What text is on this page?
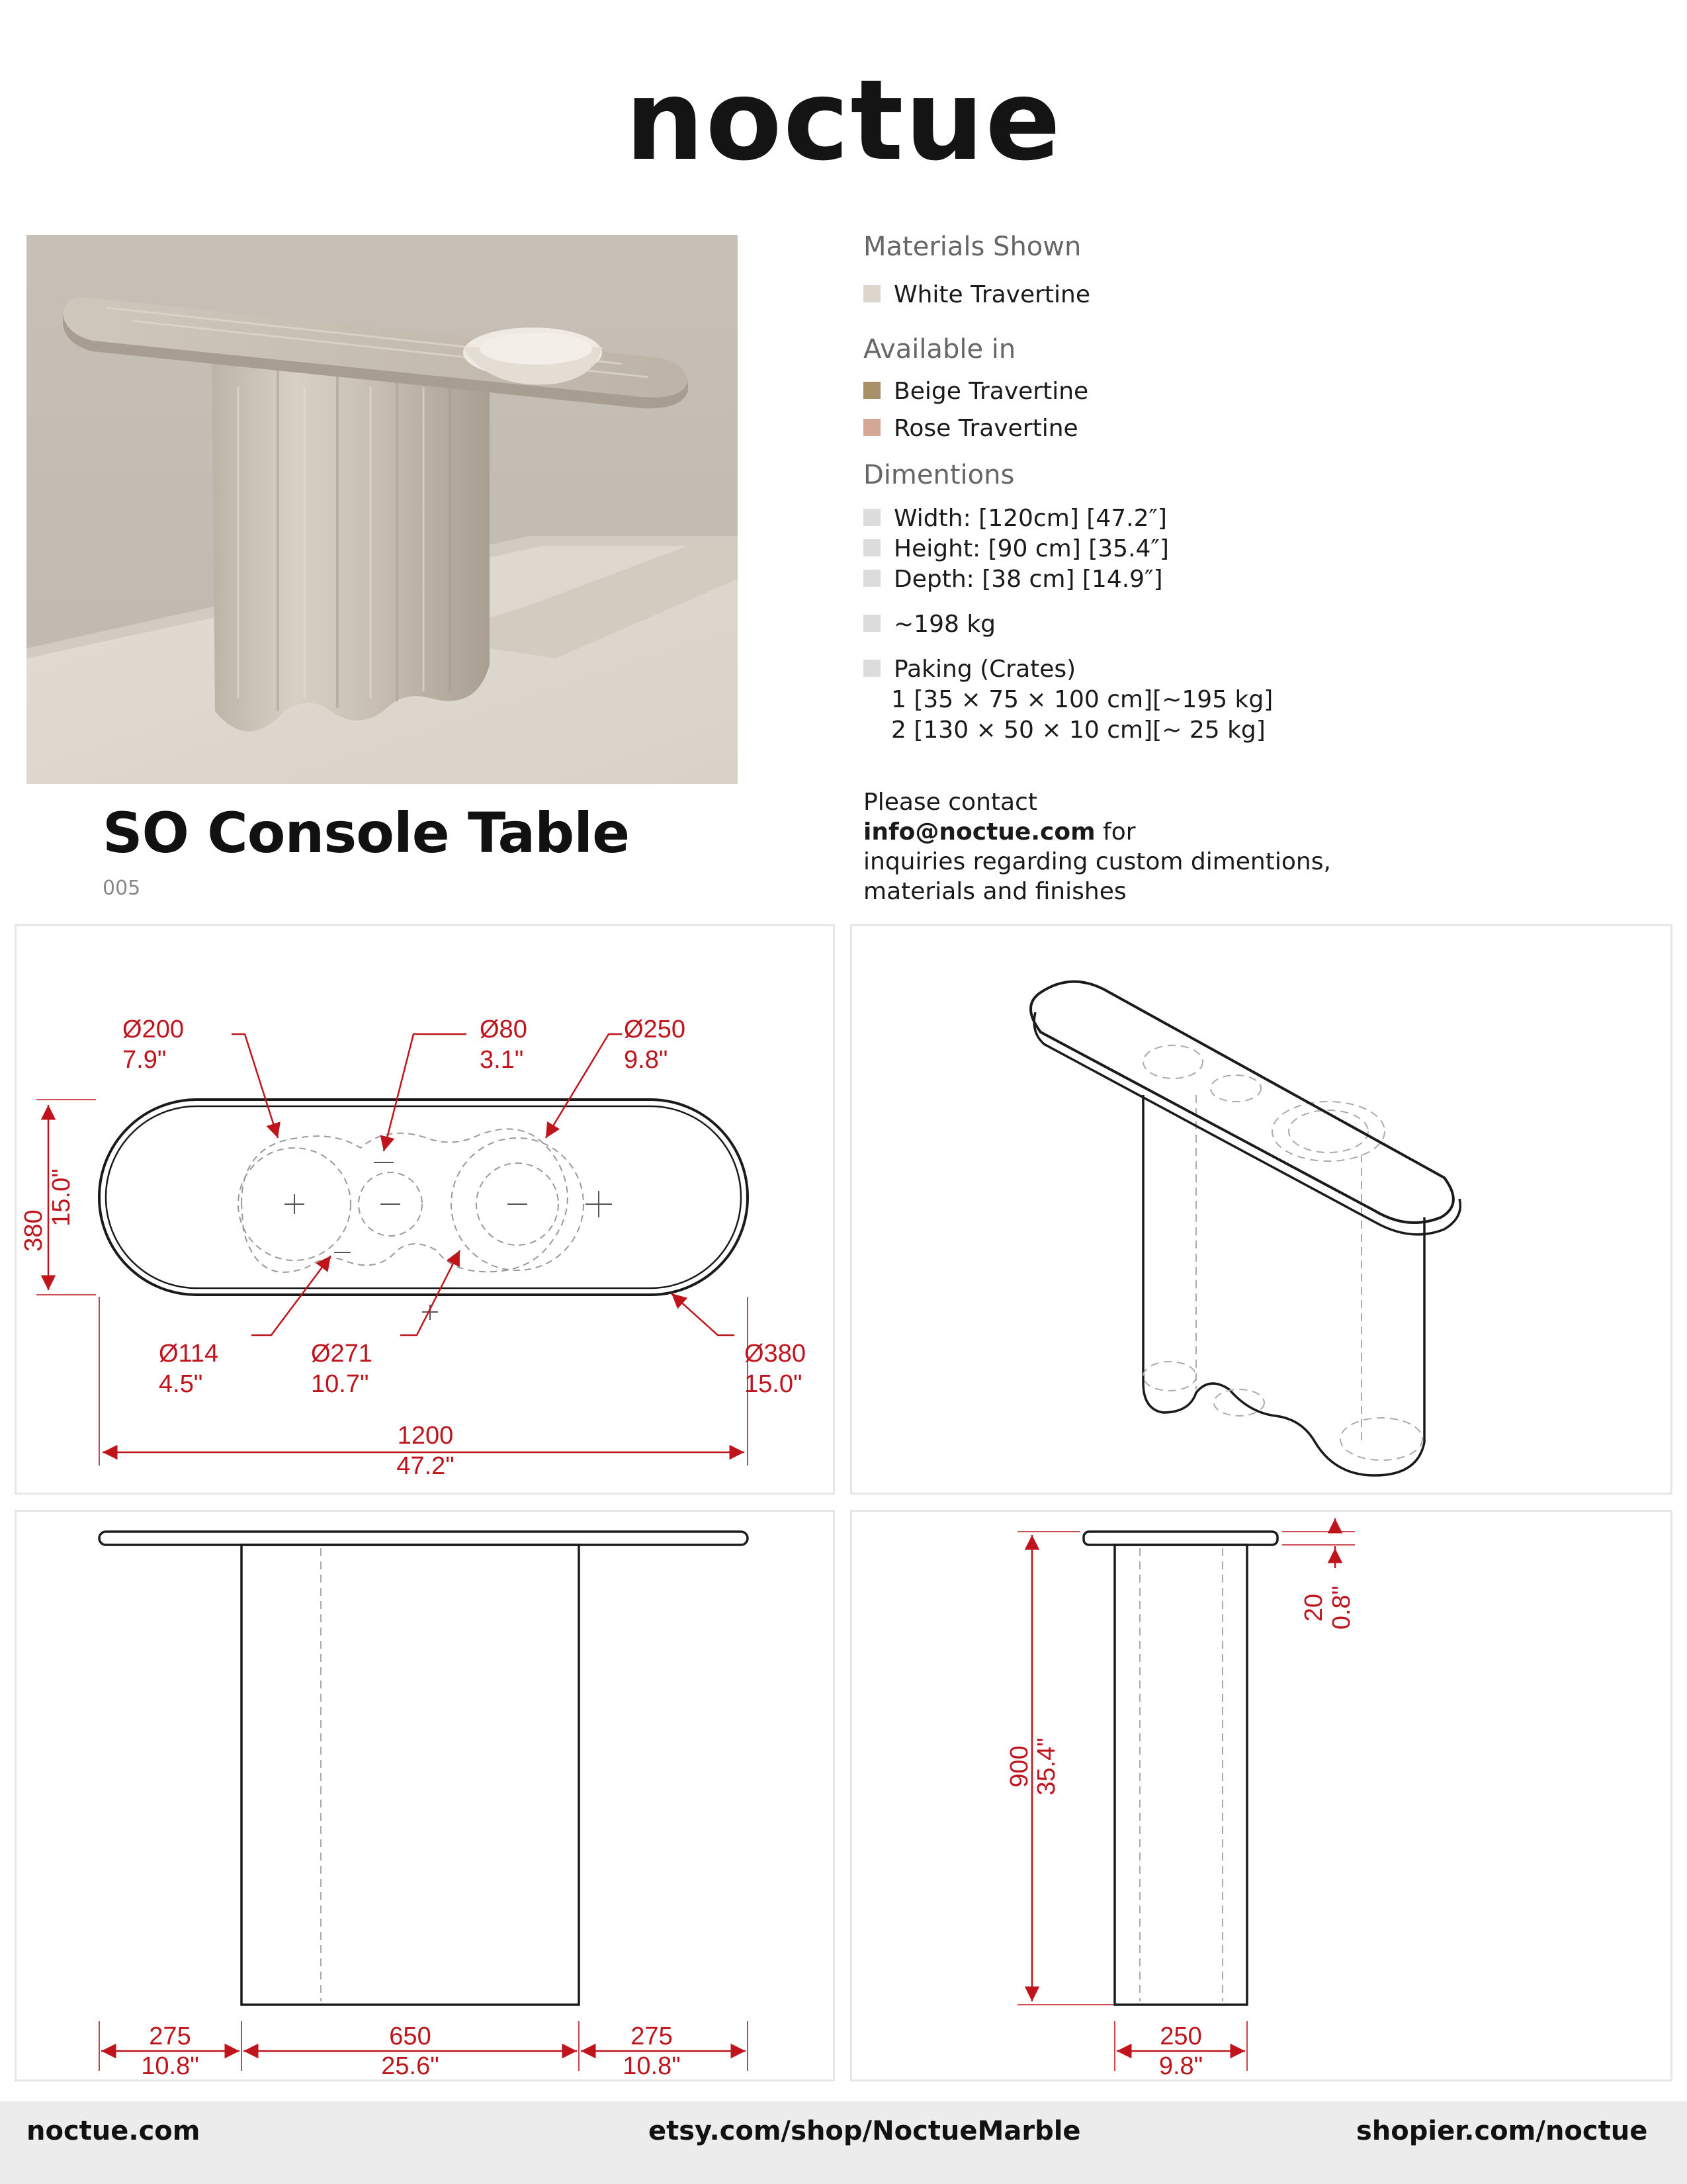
noctue
Materials Shown
White Travertine
Available in
Beige Travertine
Rose Travertine
Dimentions
Width: [120cm] [47.2″]
Height: [90 cm] [35.4″]
Depth: [38 cm] [14.9″]
~198 kg
Paking (Crates)
1 [35 × 75 × 100 cm][~195 kg]
2 [130 × 50 × 10 cm][~ 25 kg]
SO Console Table
005
Please contact
info@noctue.com for
inquiries regarding custom dimentions,
materials and finishes
Ø200
7.9"
Ø80
3.1"
Ø250
9.8"
Ø114
4.5"
Ø271
10.7"
Ø380
15.0"
380
15.0"
1200
47.2"
275
10.8"
650
25.6"
275
10.8"
900 35.4"
20 0.8"
250
9.8"
noctue.com	etsy.com/shop/NoctueMarble	shopier.com/noctue
